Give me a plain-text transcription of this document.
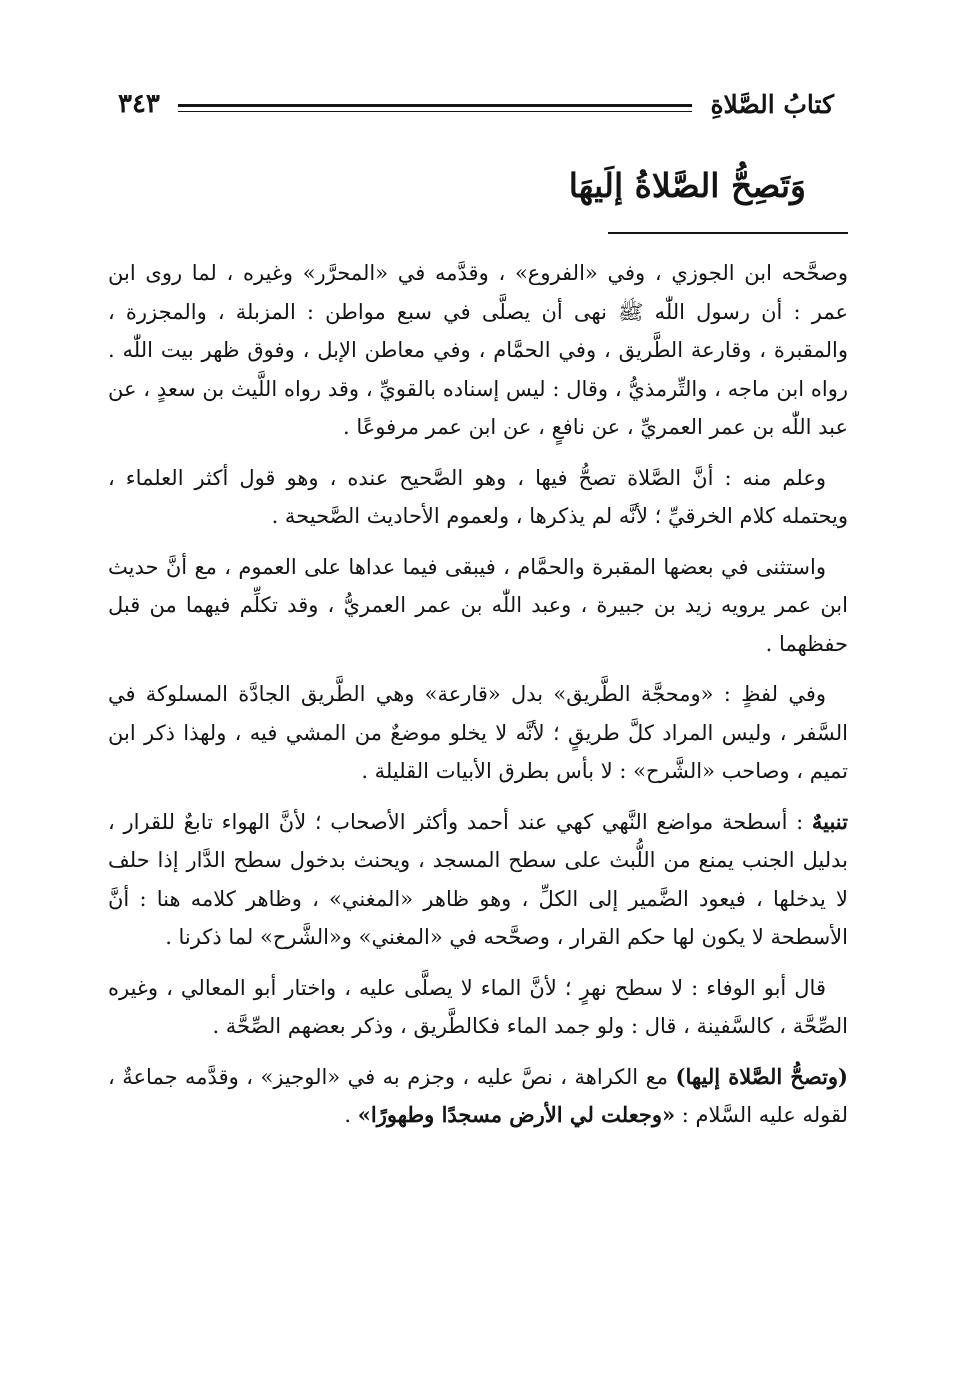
كتابُ الصَّلاةِ
٣٤٣
وَتَصِحُّ الصَّلاةُ إلَيهَا

وصحَّحه ابن الجوزي ، وفي «الفروع» ، وقدَّمه في «المحرَّر» وغيره ، لما روى ابن عمر : أن رسول اللّٰه ﷺ نهى أن يصلَّى في سبع مواطن : المزبلة ، والمجزرة ، والمقبرة ، وقارعة الطَّريق ، وفي الحمَّام ، وفي معاطن الإبل ، وفوق ظهر بيت اللّٰه . رواه ابن ماجه ، والتِّرمذيُّ ، وقال : ليس إسناده بالقويِّ ، وقد رواه اللَّيث بن سعدٍ ، عن عبد اللّٰه بن عمر العمريِّ ، عن نافعٍ ، عن ابن عمر مرفوعًا .

وعلم منه : أنَّ الصَّلاة تصحُّ فيها ، وهو الصَّحيح عنده ، وهو قول أكثر العلماء ، ويحتمله كلام الخرقيِّ ؛ لأنَّه لم يذكرها ، ولعموم الأحاديث الصَّحيحة .

واستثنى في بعضها المقبرة والحمَّام ، فيبقى فيما عداها على العموم ، مع أنَّ حديث ابن عمر يرويه زيد بن جبيرة ، وعبد اللّٰه بن عمر العمريُّ ، وقد تكلِّم فيهما من قبل حفظهما .

وفي لفظٍ : «ومحجَّة الطَّريق» بدل «قارعة» وهي الطَّريق الجادَّة المسلوكة في السَّفر ، وليس المراد كلَّ طريقٍ ؛ لأنَّه لا يخلو موضعٌ من المشي فيه ، ولهذا ذكر ابن تميم ، وصاحب «الشَّرح» : لا بأس بطرق الأبيات القليلة .

تنبيهٌ : أسطحة مواضع النَّهي كهي عند أحمد وأكثر الأصحاب ؛ لأنَّ الهواء تابعٌ للقرار ، بدليل الجنب يمنع من اللُّبث على سطح المسجد ، ويحنث بدخول سطح الدَّار إذا حلف لا يدخلها ، فيعود الضَّمير إلى الكلِّ ، وهو ظاهر «المغني» ، وظاهر كلامه هنا : أنَّ الأسطحة لا يكون لها حكم القرار ، وصحَّحه في «المغني» و«الشَّرح» لما ذكرنا .

قال أبو الوفاء : لا سطح نهرٍ ؛ لأنَّ الماء لا يصلَّى عليه ، واختار أبو المعالي ، وغيره الصِّحَّة ، كالسَّفينة ، قال : ولو جمد الماء فكالطَّريق ، وذكر بعضهم الصِّحَّة .

(وتصحُّ الصَّلاة إليها) مع الكراهة ، نصَّ عليه ، وجزم به في «الوجيز» ، وقدَّمه جماعةٌ ، لقوله عليه السَّلام : «وجعلت لي الأرض مسجدًا وطهورًا» .
